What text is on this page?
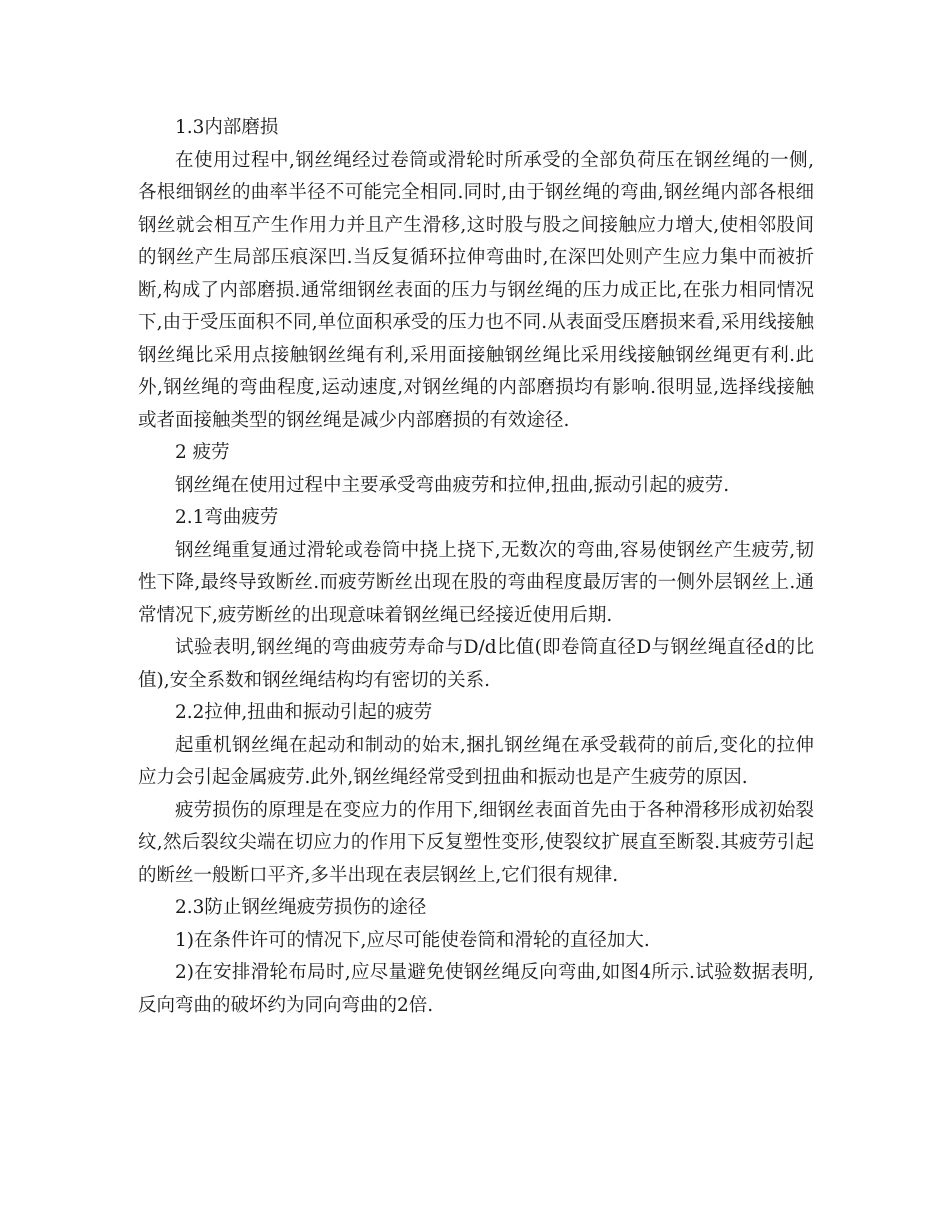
1.3内部磨损

在使用过程中,钢丝绳经过卷筒或滑轮时所承受的全部负荷压在钢丝绳的一侧,各根细钢丝的曲率半径不可能完全相同.同时,由于钢丝绳的弯曲,钢丝绳内部各根细钢丝就会相互产生作用力并且产生滑移,这时股与股之间接触应力增大,使相邻股间的钢丝产生局部压痕深凹.当反复循环拉伸弯曲时,在深凹处则产生应力集中而被折断,构成了内部磨损.通常细钢丝表面的压力与钢丝绳的压力成正比,在张力相同情况下,由于受压面积不同,单位面积承受的压力也不同.从表面受压磨损来看,采用线接触钢丝绳比采用点接触钢丝绳有利,采用面接触钢丝绳比采用线接触钢丝绳更有利.此外,钢丝绳的弯曲程度,运动速度,对钢丝绳的内部磨损均有影响.很明显,选择线接触或者面接触类型的钢丝绳是减少内部磨损的有效途径.

2 疲劳

钢丝绳在使用过程中主要承受弯曲疲劳和拉伸,扭曲,振动引起的疲劳.

2.1弯曲疲劳

钢丝绳重复通过滑轮或卷筒中挠上挠下,无数次的弯曲,容易使钢丝产生疲劳,韧性下降,最终导致断丝.而疲劳断丝出现在股的弯曲程度最厉害的一侧外层钢丝上.通常情况下,疲劳断丝的出现意味着钢丝绳已经接近使用后期.

试验表明,钢丝绳的弯曲疲劳寿命与D/d比值(即卷筒直径D与钢丝绳直径d的比值),安全系数和钢丝绳结构均有密切的关系.

2.2拉伸,扭曲和振动引起的疲劳

起重机钢丝绳在起动和制动的始末,捆扎钢丝绳在承受载荷的前后,变化的拉伸应力会引起金属疲劳.此外,钢丝绳经常受到扭曲和振动也是产生疲劳的原因.

疲劳损伤的原理是在变应力的作用下,细钢丝表面首先由于各种滑移形成初始裂纹,然后裂纹尖端在切应力的作用下反复塑性变形,使裂纹扩展直至断裂.其疲劳引起的断丝一般断口平齐,多半出现在表层钢丝上,它们很有规律.

2.3防止钢丝绳疲劳损伤的途径

1)在条件许可的情况下,应尽可能使卷筒和滑轮的直径加大.

2)在安排滑轮布局时,应尽量避免使钢丝绳反向弯曲,如图4所示.试验数据表明,反向弯曲的破坏约为同向弯曲的2倍.
